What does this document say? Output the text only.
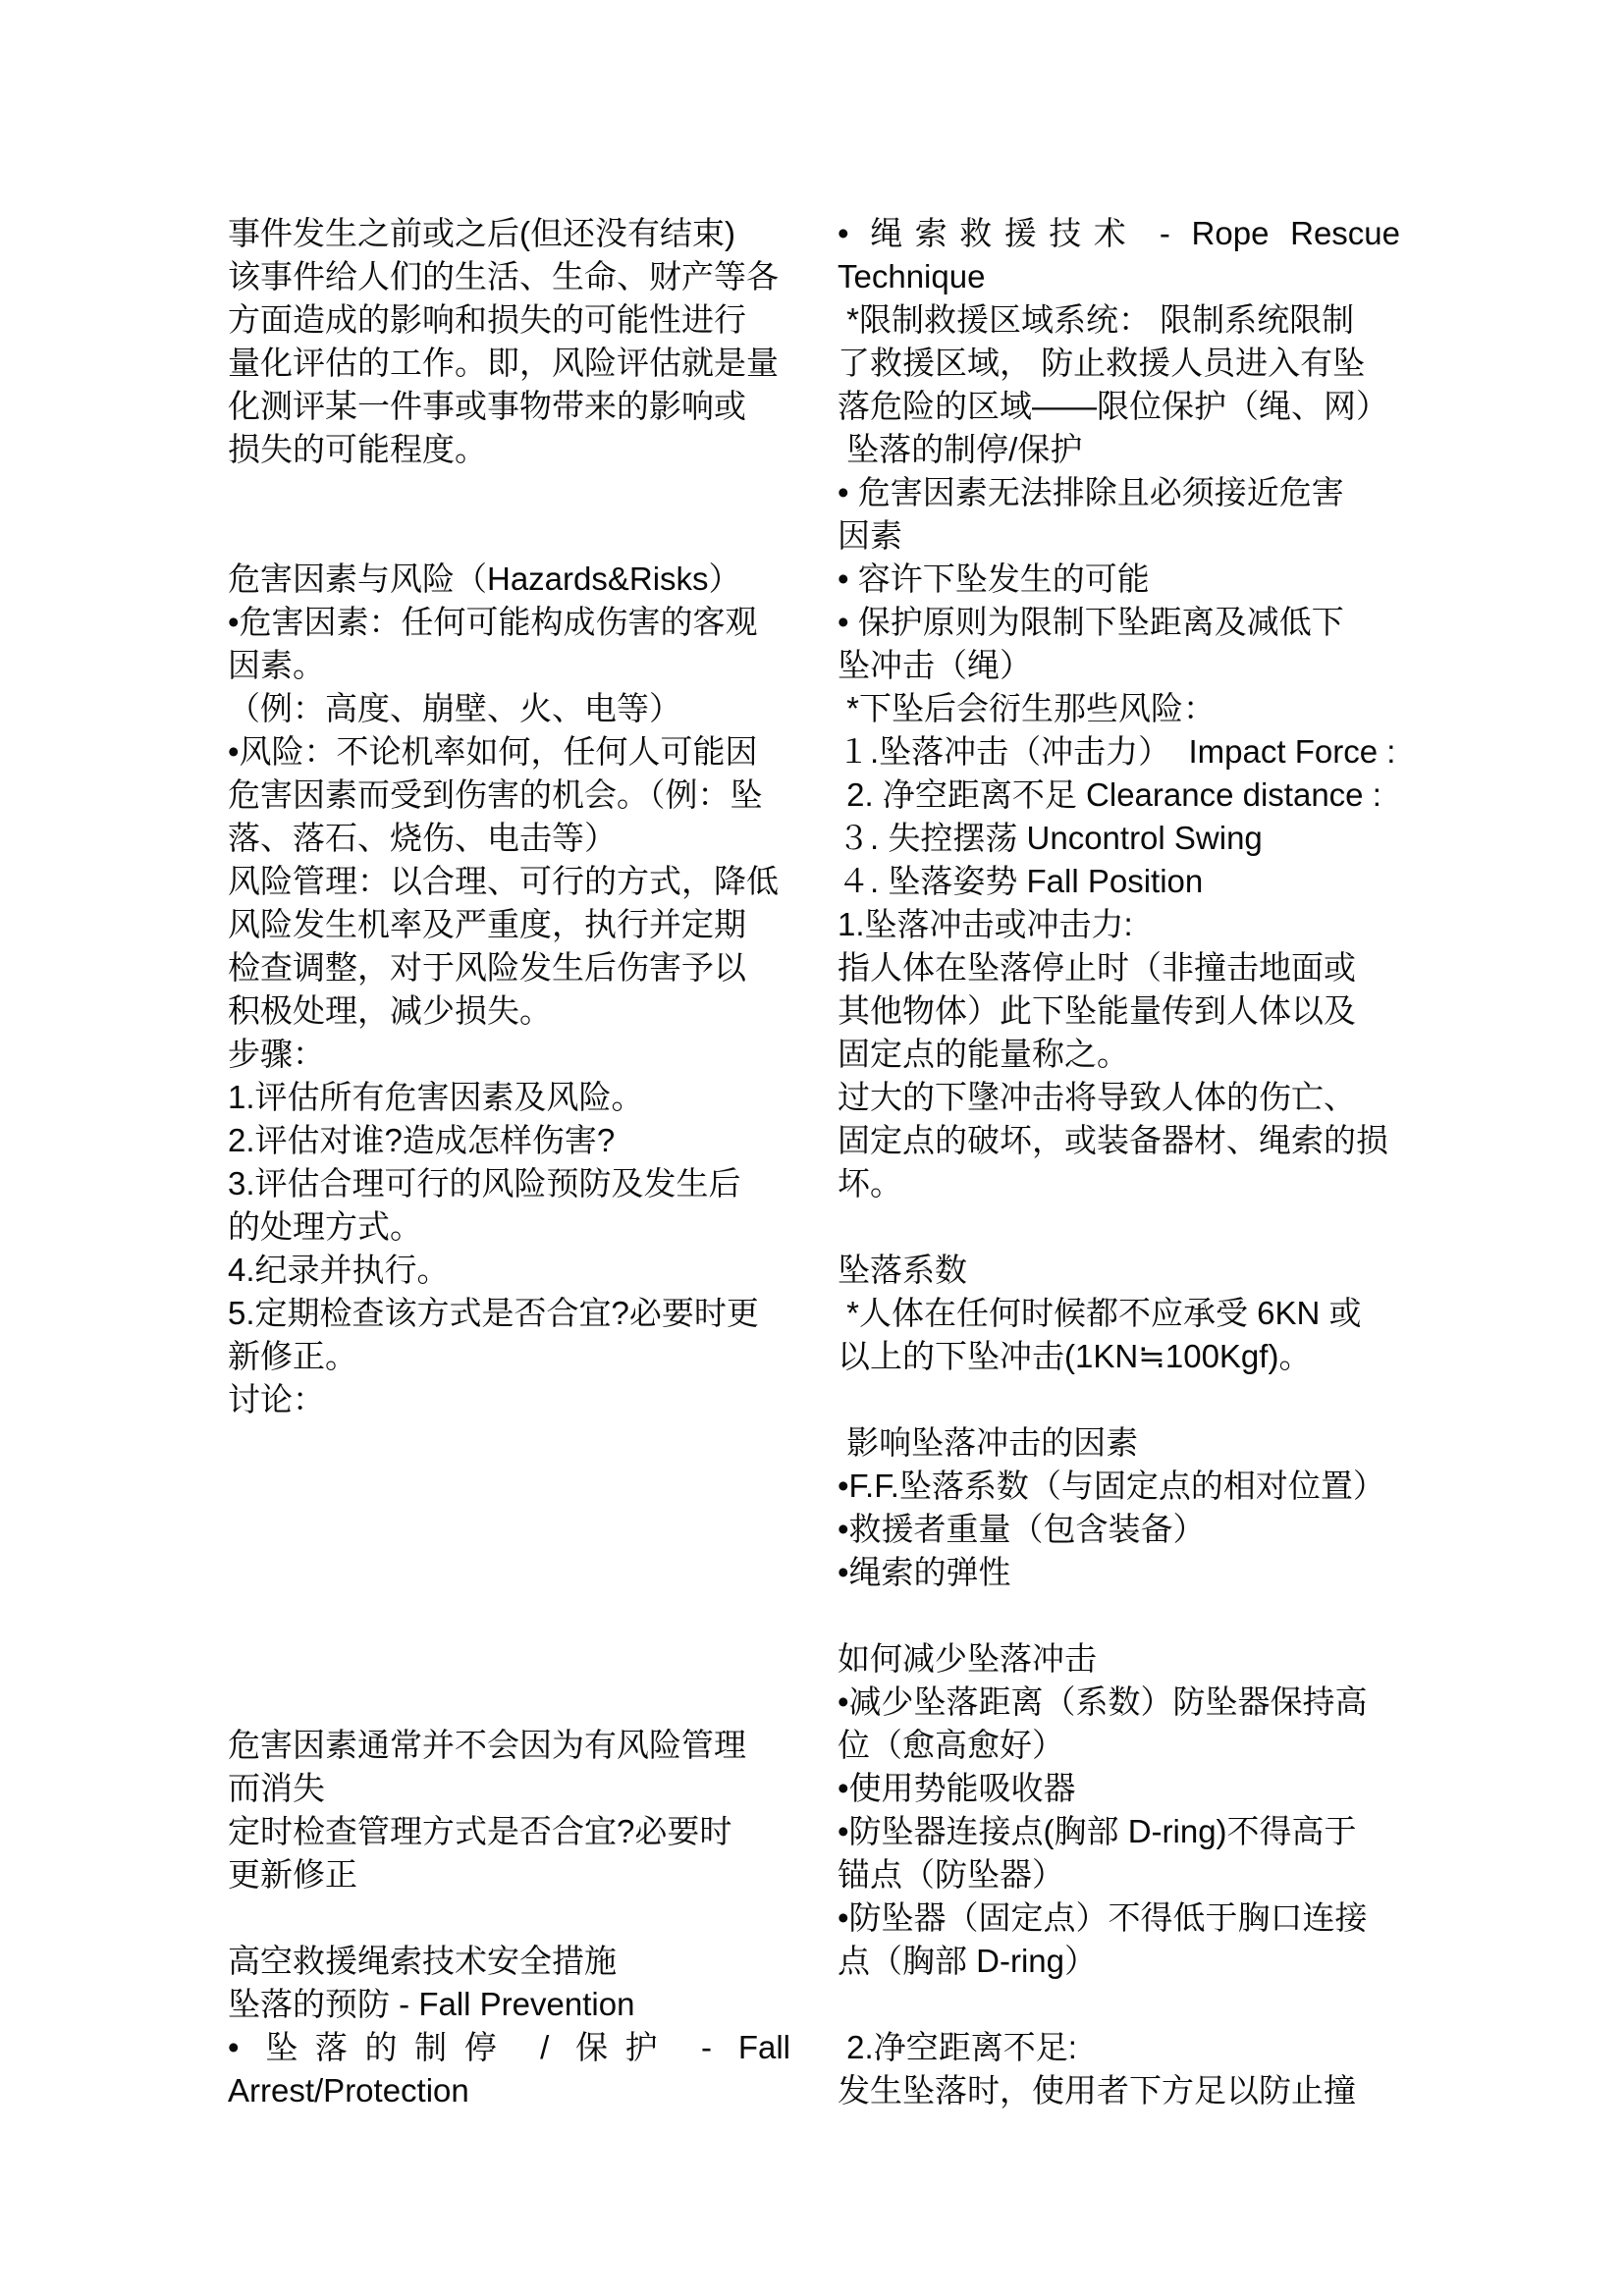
事件发生之前或之后(但还没有结束)
该事件给人们的生活、生命、财产等各
方面造成的影响和损失的可能性进行
量化评估的工作。即，风险评估就是量
化测评某一件事或事物带来的影响或
损失的可能程度。
危害因素与风险（Hazards&Risks）
•危害因素：任何可能构成伤害的客观
因素。
（例：高度、崩壁、火、电等）
•风险：不论机率如何，任何人可能因
危害因素而受到伤害的机会。（例：坠
落、落石、烧伤、电击等）
风险管理：以合理、可行的方式，降低
风险发生机率及严重度，执行并定期
检查调整，对于风险发生后伤害予以
积极处理，减少损失。
步骤：
1.评估所有危害因素及风险。
2.评估对谁?造成怎样伤害?
3.评估合理可行的风险预防及发生后
的处理方式。
4.纪录并执行。
5.定期检查该方式是否合宜?必要时更
新修正。
讨论：
危害因素通常并不会因为有风险管理
而消失
定时检查管理方式是否合宜?必要时
更新修正
高空救援绳索技术安全措施
坠落的预防 - Fall Prevention
• 坠落的制停 / 保护 - Fall
Arrest/Protection
• 绳索救援技术 - Rope Rescue
Technique
*限制救援区域系统： 限制系统限制
了救援区域， 防止救援人员进入有坠
落危险的区域——限位保护（绳、网）
坠落的制停/保护
• 危害因素无法排除且必须接近危害
因素
• 容许下坠发生的可能
• 保护原则为限制下坠距离及减低下
坠冲击（绳）
*下坠后会衍生那些风险：
１.坠落冲击（冲击力）  Impact Force :
2. 净空距离不足 Clearance distance :
３. 失控摆荡 Uncontrol Swing
４. 坠落姿势 Fall Position
1.坠落冲击或冲击力:
指人体在坠落停止时（非撞击地面或
其他物体）此下坠能量传到人体以及
固定点的能量称之。
过大的下墬冲击将导致人体的伤亡、
固定点的破坏，或装备器材、绳索的损
坏。
坠落系数
*人体在任何时候都不应承受 6KN 或
以上的下坠冲击(1KN≒100Kgf)。
影响坠落冲击的因素
•F.F.坠落系数（与固定点的相对位置）
•救援者重量（包含装备）
•绳索的弹性
如何减少坠落冲击
•减少坠落距离（系数）防坠器保持高
位（愈高愈好）
•使用势能吸收器
•防坠器连接点(胸部 D-ring)不得高于
锚点（防坠器）
•防坠器（固定点）不得低于胸口连接
点（胸部 D-ring）
2.净空距离不足:
发生坠落时，使用者下方足以防止撞
